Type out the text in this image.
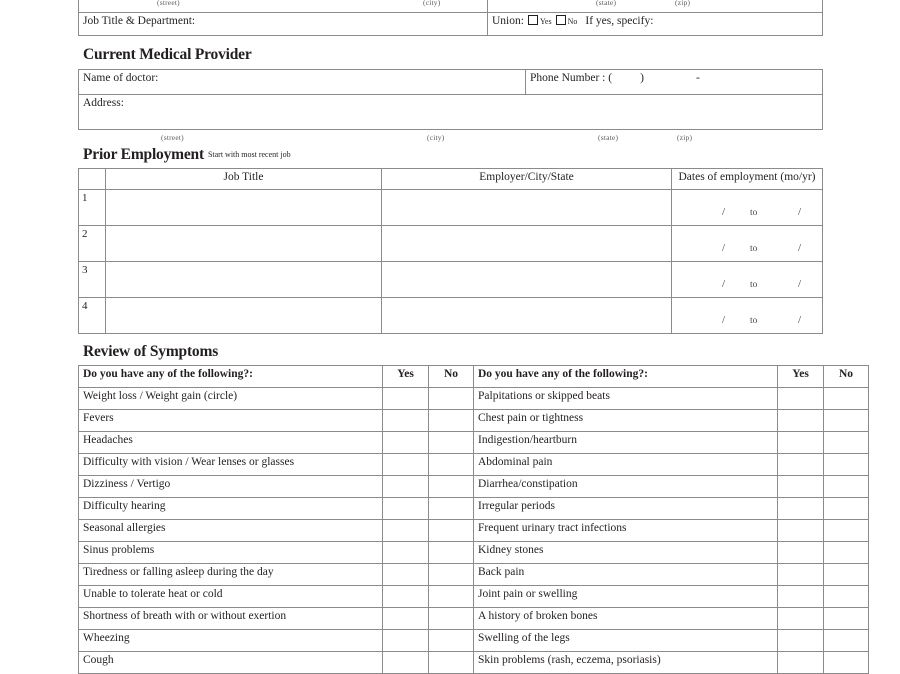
(street) (city)	(state) (zip)

Job Title & Department:	Union: Yes No If yes, specify:
Current Medical Provider
Name of doctor:	Phone Number : ( )	-
Address:
(street)	(city)	(state)	(zip)
Prior Employment $^{Start with most recent job}$
	Job Title	Employer/City/State	Dates of employment (mo/yr)
1			/ to /

2			/ to /

3			/ to /

4			/ to /
Review of Symptoms
Do you have any of the following?:	Yes	No	Do you have any of the following?:	Yes	No
Weight loss / Weight gain (circle)			Palpitations or skipped beats		
Fevers			Chest pain or tightness		
Headaches			Indigestion/heartburn		
Difficulty with vision / Wear lenses or glasses			Abdominal pain		
Dizziness / Vertigo			Diarrhea/constipation		
Difficulty hearing			Irregular periods		
Seasonal allergies			Frequent urinary tract infections		
Sinus problems			Kidney stones		
Tiredness or falling asleep during the day			Back pain		
Unable to tolerate heat or cold			Joint pain or swelling		
Shortness of breath with or without exertion			A history of broken bones		
Wheezing			Swelling of the legs		
Cough			Skin problems (rash, eczema, psoriasis)		
